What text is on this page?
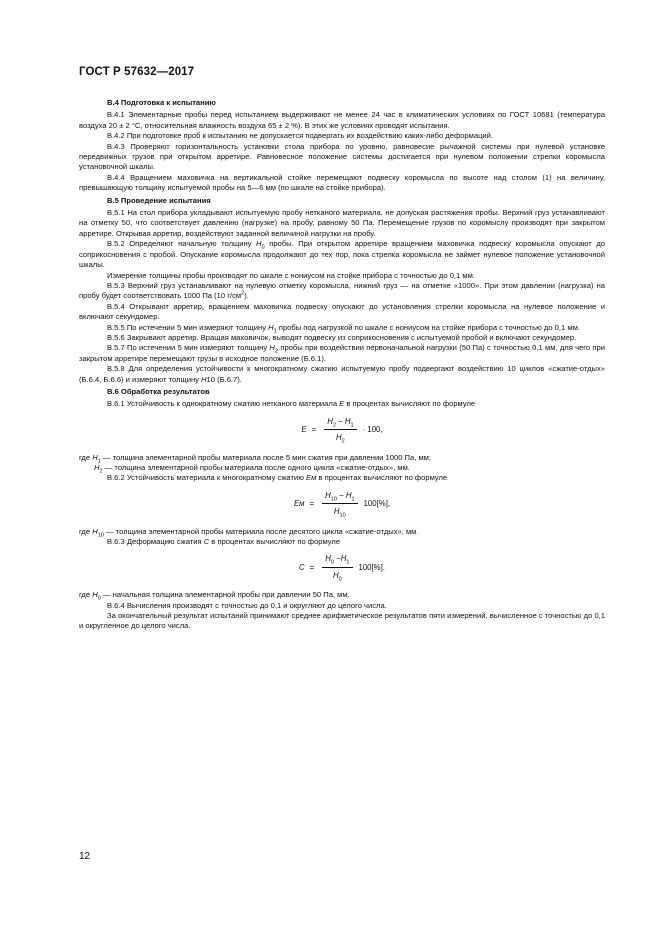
ГОСТ Р 57632—2017

В.4 Подготовка к испытанию

В.4.1 Элементарные пробы перед испытанием выдерживают не менее 24 час в климатических условиях по ГОСТ 10681 (температура воздуха 20 ± 2 °С, относительная влажность воздуха 65 ± 2 %). В этих же условиях проводят испытания.

В.4.2 При подготовке проб к испытанию не допускается подвергать их воздействию каких-либо деформаций.

В.4.3 Проверяют горизонтальность установки стола прибора по уровню, равновесие рычажной системы при нулевой установке передвижных грузов при открытом арретире. Равновесное положение системы достигается при нулевом положении стрелки коромысла установочной шкалы.

В.4.4 Вращением маховичка на вертикальной стойке перемещают подвеску коромысла по высоте над столом (1) на величину, превышающую толщину испытуемой пробы на 5—6 мм (по шкале на стойке прибора).

В.5 Проведение испытания

В.5.1 На стол прибора укладывают испытуемую пробу нетканого материала, не допуская растяжения пробы. Верхний груз устанавливают на отметку 50, что соответствует давлению (нагрузке) на пробу, равному 50 Па. Перемещение грузов по коромыслу производят при закрытом арретире. Открывая арретир, воздействуют заданной величиной нагрузки на пробу.

В.5.2 Определяют начальную толщину $H_0$ пробы. При открытом арретире вращением маховичка подвеску коромысла опускают до соприкосновения с пробой. Опускание коромысла продолжают до тех пор, пока стрелка коромысла не займет нулевое положение установочной шкалы.

Измерение толщины пробы производят по шкале с нониусом на стойке прибора с точностью до 0,1 мм.

В.5.3 Верхний груз устанавливают на нулевую отметку коромысла, нижний груз — на отметке «1000». При этом давлении (нагрузка) на пробу будет соответствовать 1000 Па (10 $г/см^2$).

В.5.4 Открывают арретир, вращением маховичка подвеску опускают до установления стрелки коромысла на нулевое положение и включают секундомер.

В.5.5 По истечении 5 мин измеряют толщину $H_1$ пробы под нагрузкой по шкале с нониусом на стойке прибора с точностью до 0,1 мм.

В.5.6 Закрывают арретир. Вращая маховичок, выводят подвеску из соприкосновения с испытуемой пробой и включают секундомер.

В.5.7 По истечении 5 мин измеряют толщину $H_2$ пробы при воздействии первоначальной нагрузки (50 Па) с точностью 0,1 мм, для чего при закрытом арретире перемещают грузы в исходное положение (Б.6.1).

В.5.8 Для определения устойчивости к многократному сжатию испытуемую пробу подвергают воздействию 10 циклов «сжатие-отдых» (Б.6.4, Б.6.6) и измеряют толщину H10 (Б.6.7).

В.6 Обработка результатов

В.6.1 Устойчивость к однократному сжатию нетканого материала E в процентах вычисляют по формуле

$E = \frac{H_2 - H_1}{H_2} \cdot 100$,

где $H_1$ — толщина элементарной пробы материала после 5 мин сжатия при давлении 1000 Па, мм;

$H_2$ — толщина элементарной пробы материала после одного цикла «сжатие-отдых», мм.

В.6.2 Устойчивость материала к многократному сжатию Ем в процентах вычисляют по формуле

Ем = $\frac{H_{10} - H_1}{H_{10}} 100[\%]$,

где $H_{10}$ — толщина элементарной пробы материала после десятого цикла «сжатие-отдых», мм.

В.6.3 Деформацию сжатия С в процентах вычисляют по формуле

$С = \frac{H_0 -H_1}{H_0} 100[\%]$.

где $H_0$ — начальная толщина элементарной пробы при давлении 50 Па, мм.

В.6.4 Вычисления производят с точностью до 0,1 и округляют до целого числа.

За окончательный результат испытаний принимают среднее арифметическое результатов пяти измерений, вычисленное с точностью до 0,1 и округленное до целого числа.

12
